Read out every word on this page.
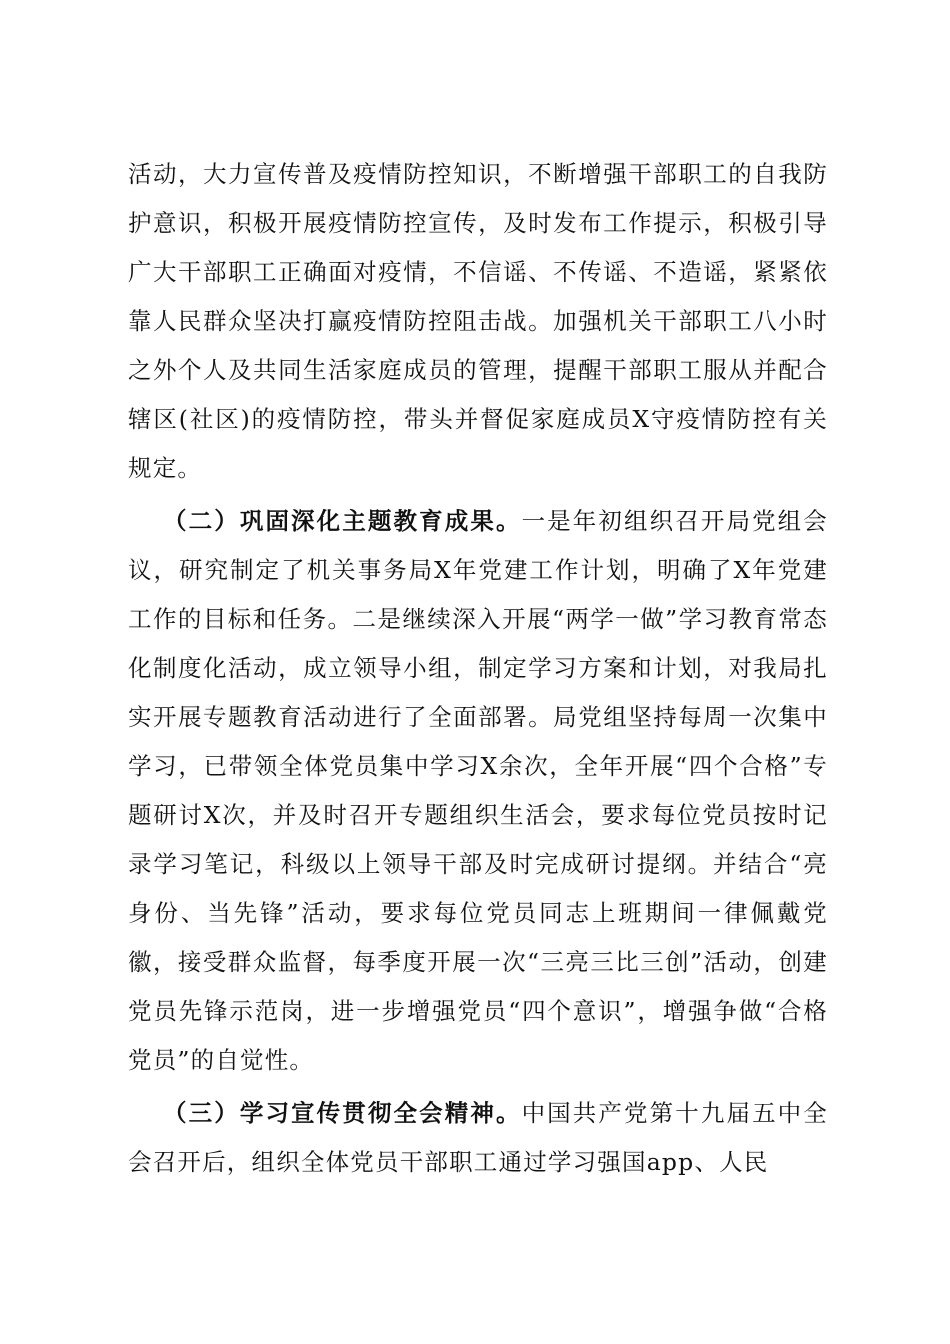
活动，大力宣传普及疫情防控知识，不断增强干部职工的自我防护意识，积极开展疫情防控宣传，及时发布工作提示，积极引导广大干部职工正确面对疫情，不信谣、不传谣、不造谣，紧紧依靠人民群众坚决打赢疫情防控阻击战。加强机关干部职工八小时之外个人及共同生活家庭成员的管理，提醒干部职工服从并配合辖区(社区)的疫情防控，带头并督促家庭成员X守疫情防控有关规定。

（二）巩固深化主题教育成果。一是年初组织召开局党组会议，研究制定了机关事务局X年党建工作计划，明确了X年党建工作的目标和任务。二是继续深入开展“两学一做”学习教育常态化制度化活动，成立领导小组，制定学习方案和计划，对我局扎实开展专题教育活动进行了全面部署。局党组坚持每周一次集中学习，已带领全体党员集中学习X余次，全年开展“四个合格”专题研讨X次，并及时召开专题组织生活会，要求每位党员按时记录学习笔记，科级以上领导干部及时完成研讨提纲。并结合“亮身份、当先锋”活动，要求每位党员同志上班期间一律佩戴党徽，接受群众监督，每季度开展一次“三亮三比三创”活动，创建党员先锋示范岗，进一步增强党员“四个意识”，增强争做“合格党员”的自觉性。

（三）学习宣传贯彻全会精神。中国共产党第十九届五中全会召开后，组织全体党员干部职工通过学习强国app、人民
